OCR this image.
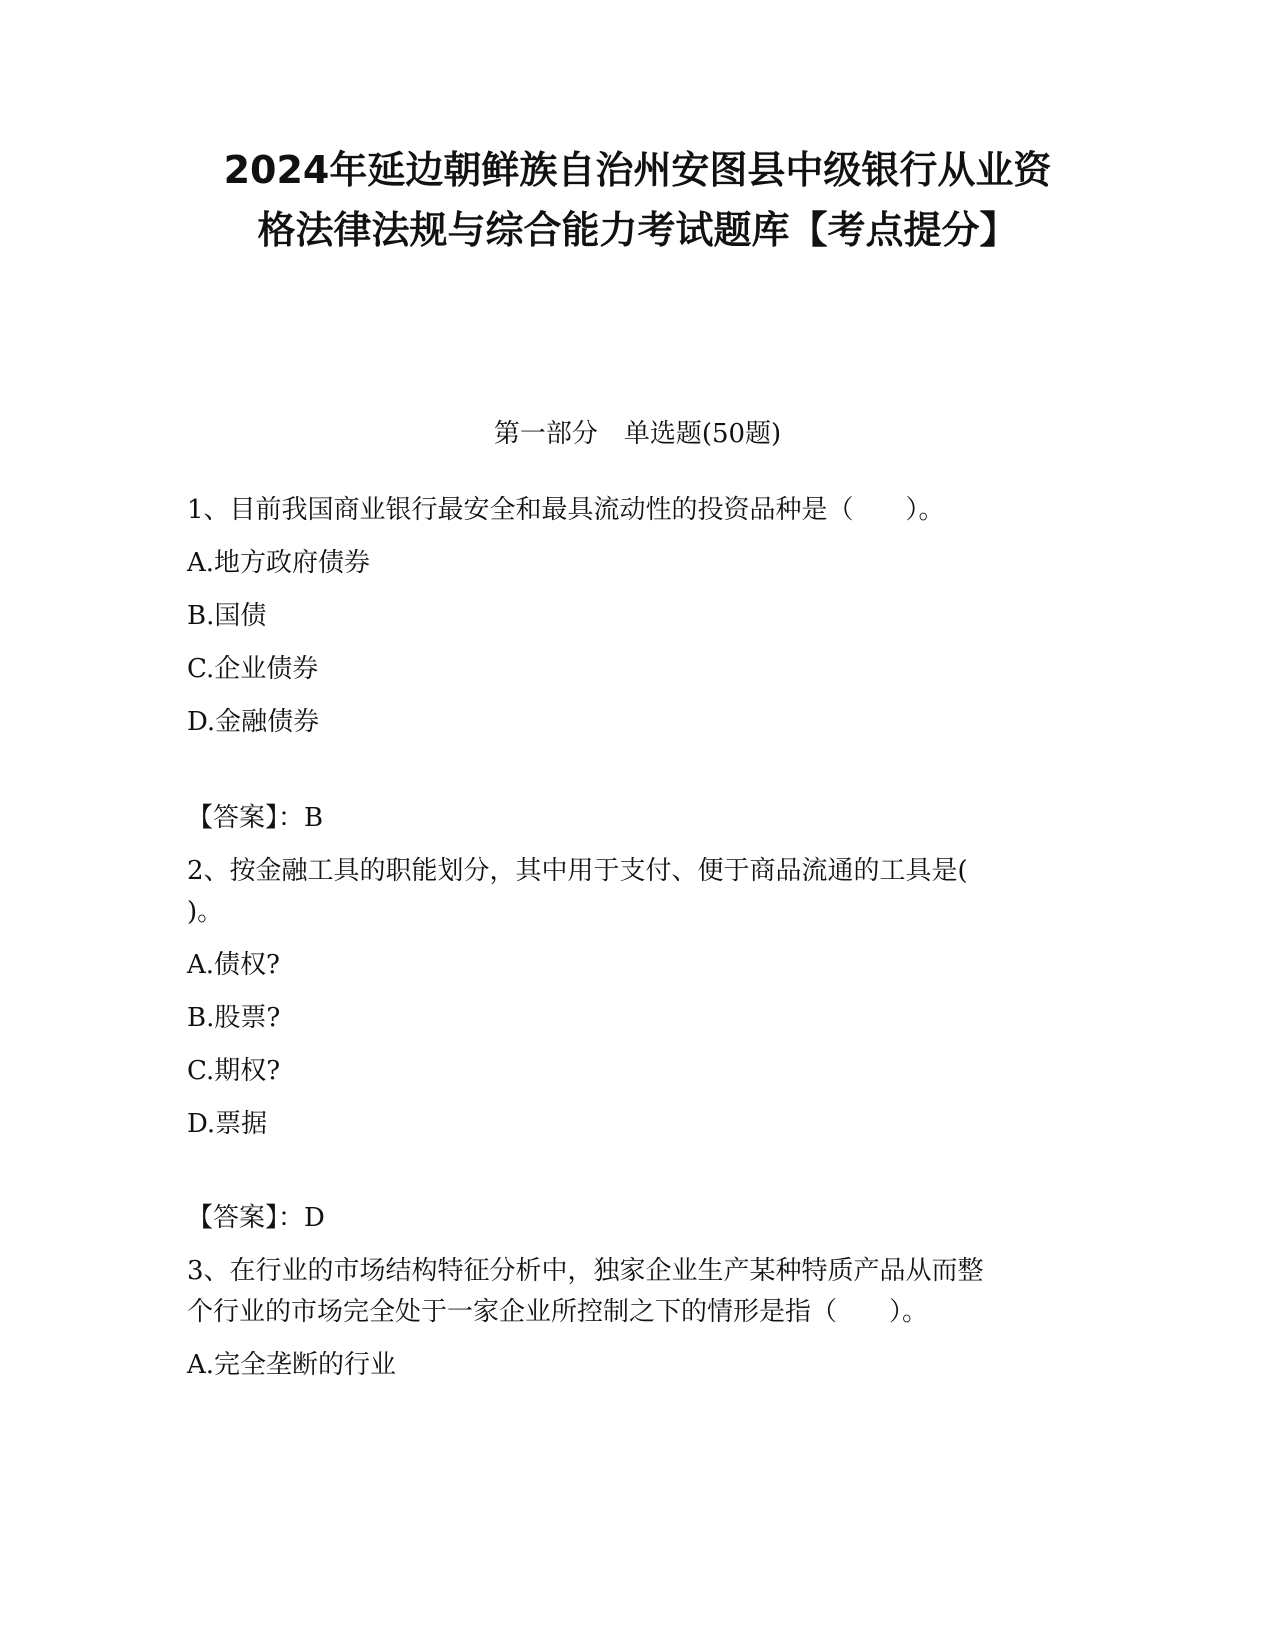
2024年延边朝鲜族自治州安图县中级银行从业资
格法律法规与综合能力考试题库【考点提分】
第一部分　单选题(50题)
1、目前我国商业银行最安全和最具流动性的投资品种是（　　）。
A.地方政府债券
B.国债
C.企业债券
D.金融债券
【答案】：B
2、按金融工具的职能划分，其中用于支付、便于商品流通的工具是(
)。
A.债权?
B.股票?
C.期权?
D.票据
【答案】：D
3、在行业的市场结构特征分析中，独家企业生产某种特质产品从而整
个行业的市场完全处于一家企业所控制之下的情形是指（　　）。
A.完全垄断的行业
